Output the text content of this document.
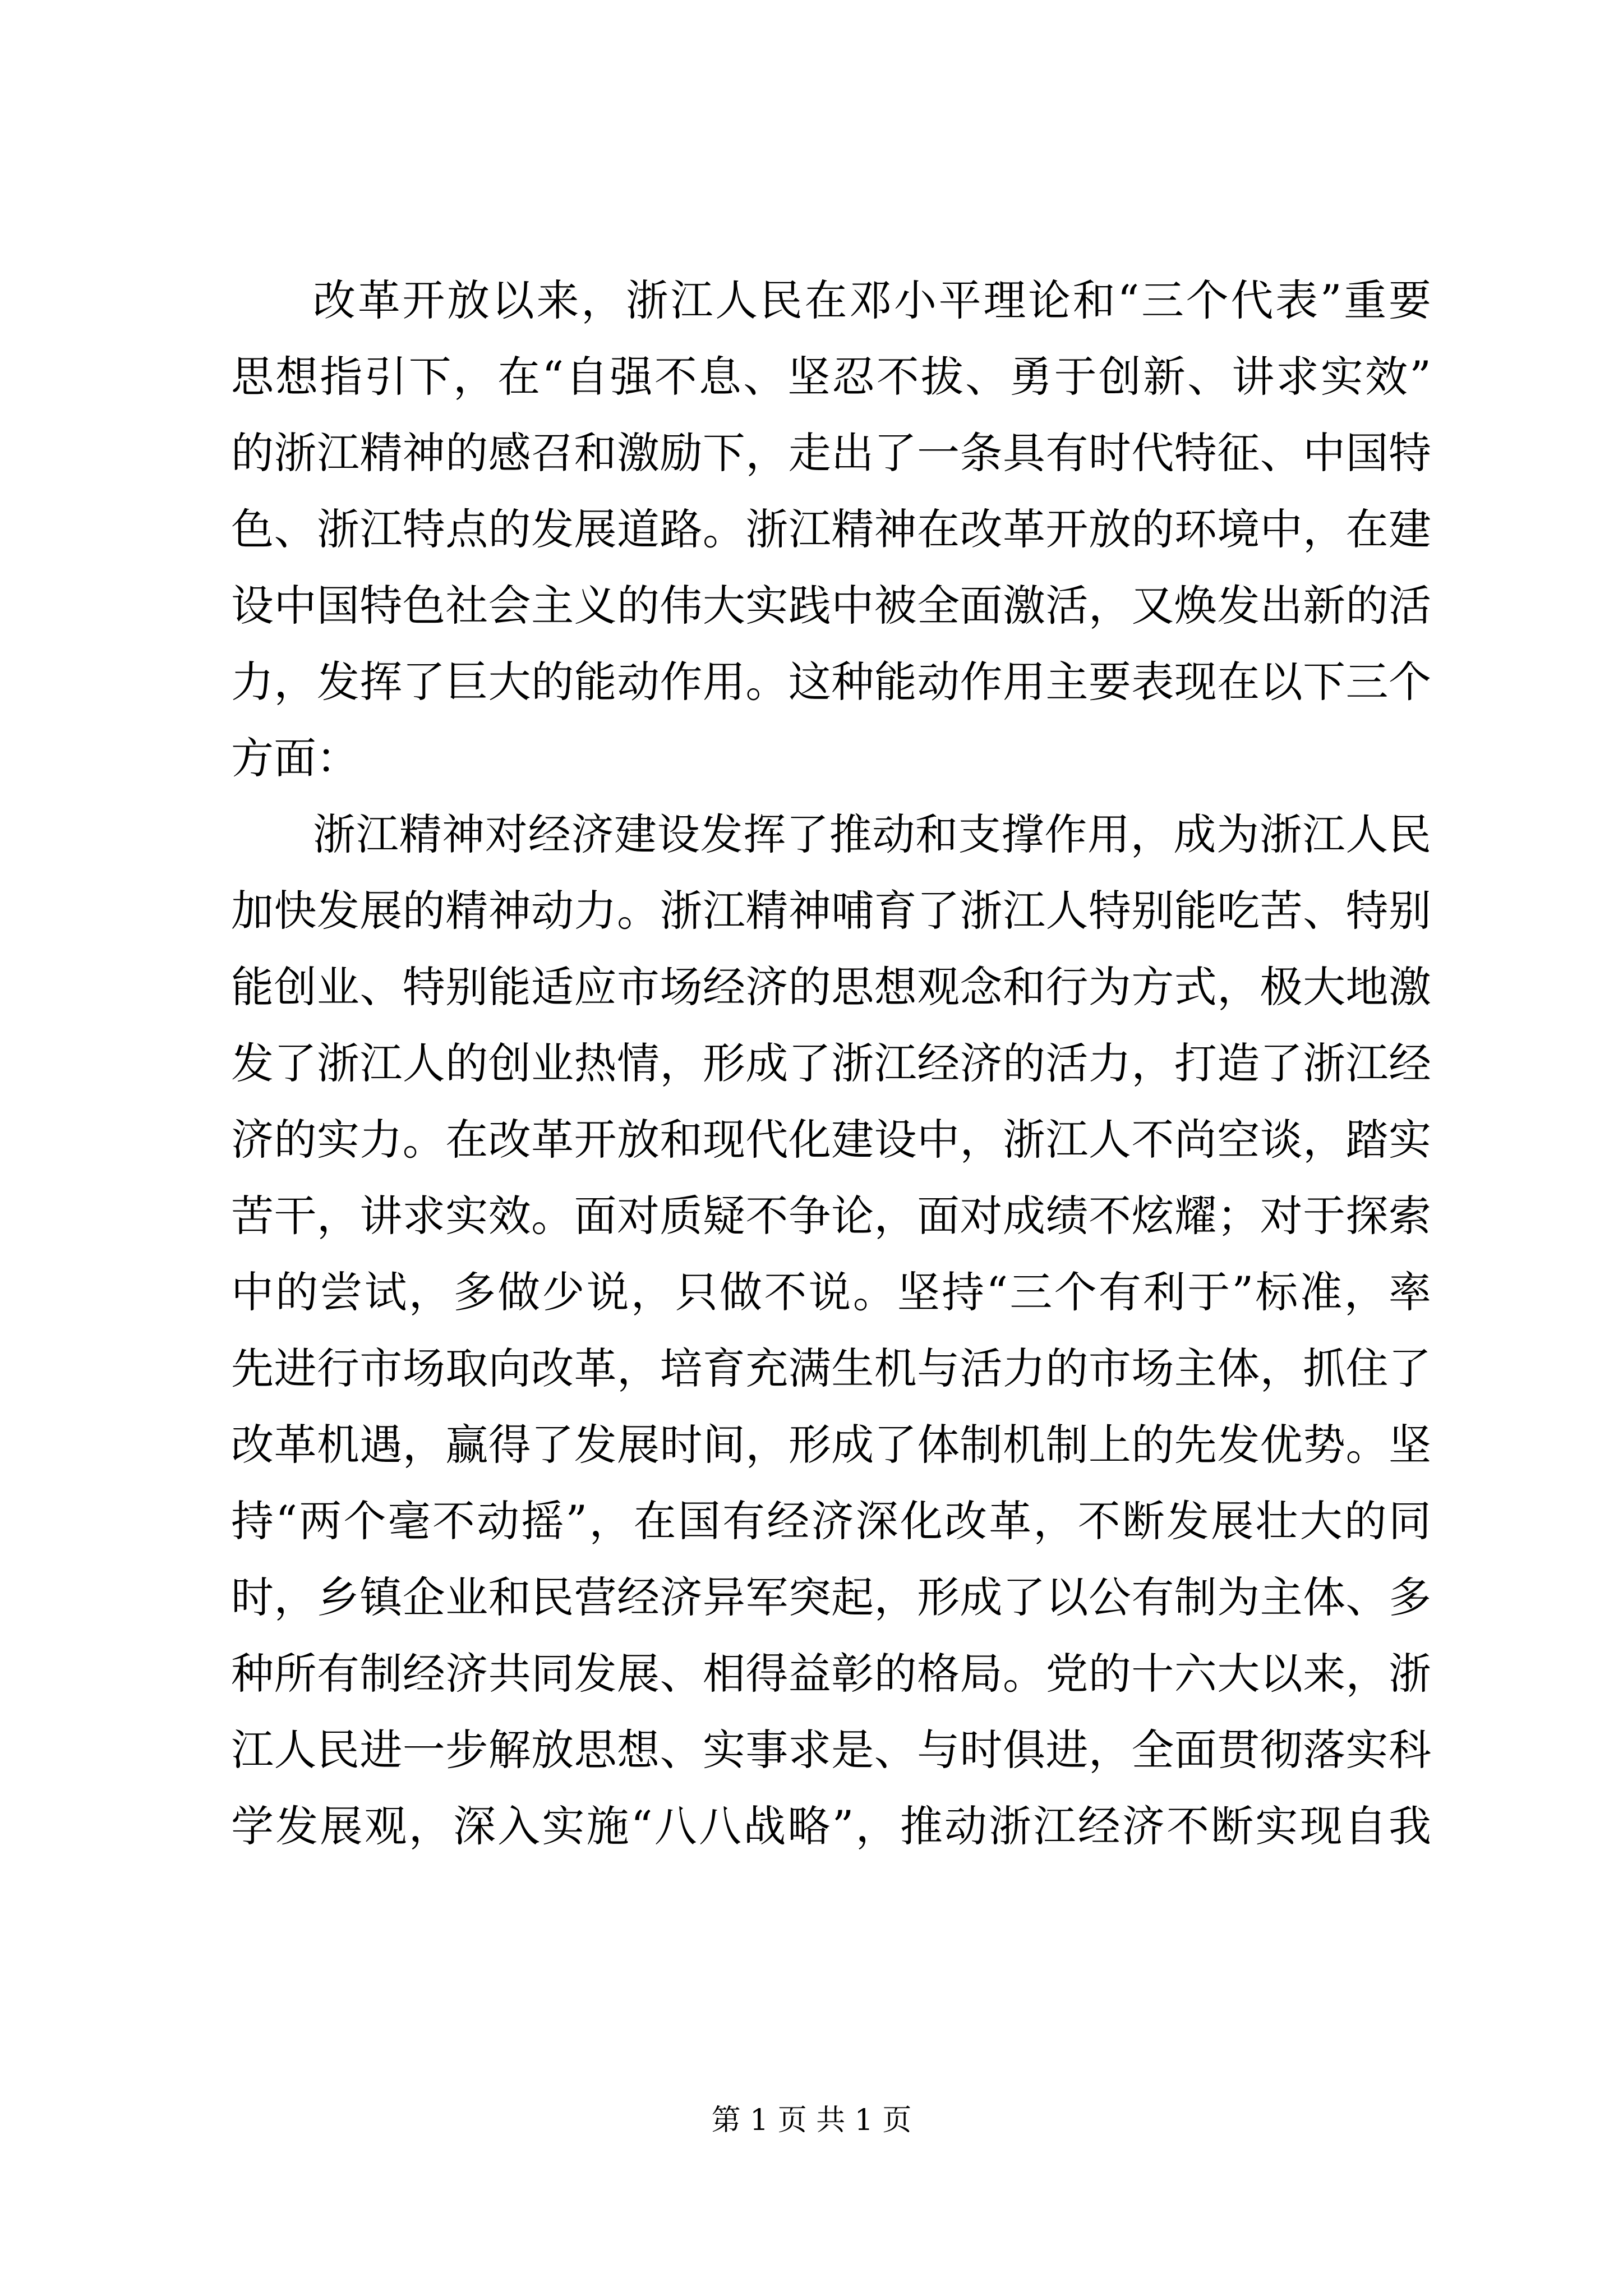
改革开放以来，浙江人民在邓小平理论和“三个代表”重要
思想指引下，在“自强不息、坚忍不拔、勇于创新、讲求实效”
的浙江精神的感召和激励下，走出了一条具有时代特征、中国特
色、浙江特点的发展道路。浙江精神在改革开放的环境中，在建
设中国特色社会主义的伟大实践中被全面激活，又焕发出新的活
力，发挥了巨大的能动作用。这种能动作用主要表现在以下三个
方面：
浙江精神对经济建设发挥了推动和支撑作用，成为浙江人民
加快发展的精神动力。浙江精神哺育了浙江人特别能吃苦、特别
能创业、特别能适应市场经济的思想观念和行为方式，极大地激
发了浙江人的创业热情，形成了浙江经济的活力，打造了浙江经
济的实力。在改革开放和现代化建设中，浙江人不尚空谈，踏实
苦干，讲求实效。面对质疑不争论，面对成绩不炫耀；对于探索
中的尝试，多做少说，只做不说。坚持“三个有利于”标准，率
先进行市场取向改革，培育充满生机与活力的市场主体，抓住了
改革机遇，赢得了发展时间，形成了体制机制上的先发优势。坚
持“两个毫不动摇”，在国有经济深化改革，不断发展壮大的同
时，乡镇企业和民营经济异军突起，形成了以公有制为主体、多
种所有制经济共同发展、相得益彰的格局。党的十六大以来，浙
江人民进一步解放思想、实事求是、与时俱进，全面贯彻落实科
学发展观，深入实施“八八战略”，推动浙江经济不断实现自我
第 1 页 共 1 页
